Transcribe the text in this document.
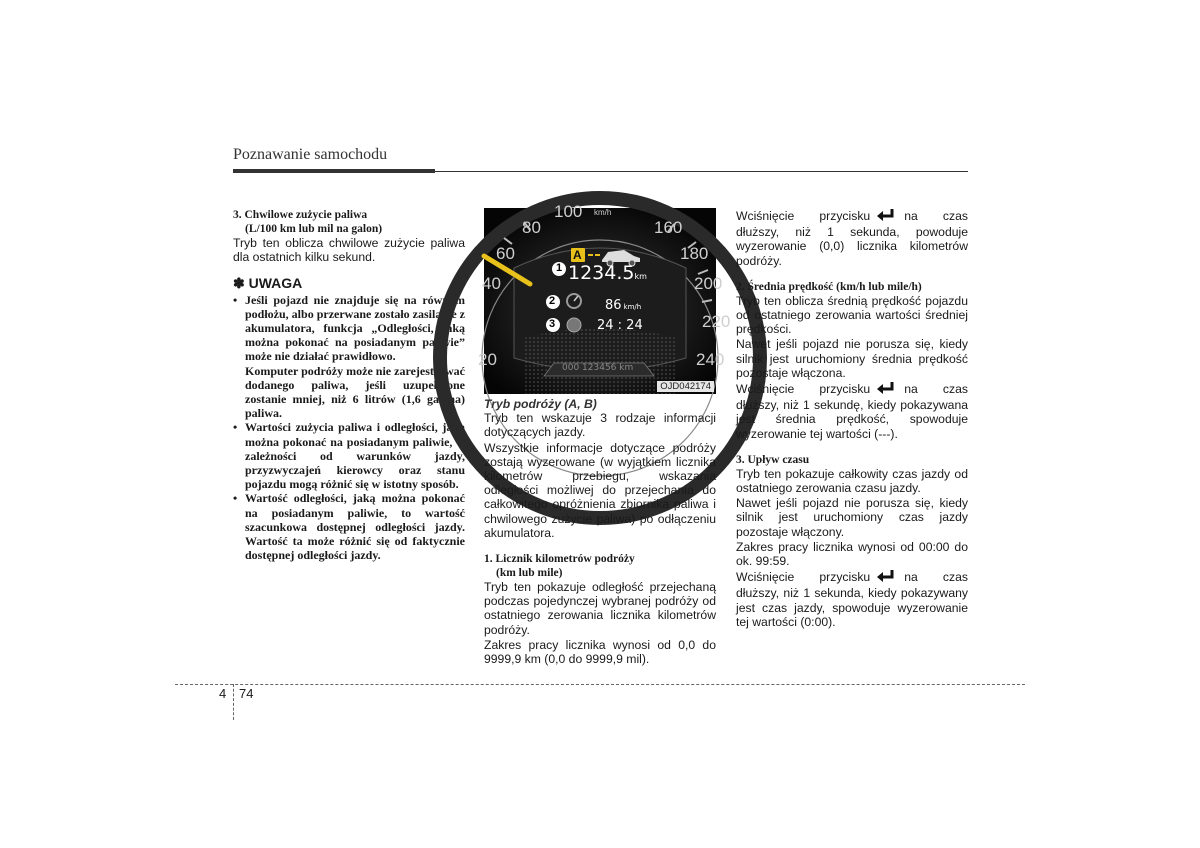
Poznawanie samochodu
3. Chwilowe zużycie paliwa
(L/100 km lub mil na galon)

Tryb ten oblicza chwilowe zużycie paliwa dla ostatnich kilku sekund.

✽ UWAGA
• Jeśli pojazd nie znajduje się na równym podłożu, albo przerwane zostało zasilanie z akumulatora, funkcja „Odległości, jaką można pokonać na posiadanym paliwie” może nie działać prawidłowo.
Komputer podróży może nie zarejestrować dodanego paliwa, jeśli uzupełnione zostanie mniej, niż 6 litrów (1,6 galona) paliwa.
• Wartości zużycia paliwa i odległości, jaką można pokonać na posiadanym paliwie, w zależności od warunków jazdy, przyzwyczajeń kierowcy oraz stanu pojazdu mogą różnić się w istotny sposób.
• Wartość odległości, jaką można pokonać na posiadanym paliwie, to wartość szacunkowa dostępnej odległości jazdy. Wartość ta może różnić się od faktycznie dostępnej odległości jazdy.
100
80
60
40
20
km/h
160
180
200
220
240
A
1
2
3
1234.5km
86 km/h
24 : 24
000 123456 km
OJD042174
Tryb podróży (A, B)

Tryb ten wskazuje 3 rodzaje informacji dotyczących jazdy.

Wszystkie informacje dotyczące podróży zostają wyzerowane (w wyjątkiem licznika kilometrów przebiegu, wskazania odległości możliwej do przejechania do całkowitego opróżnienia zbiornika paliwa i chwilowego zużycie paliwa) po odłączeniu akumulatora.

1. Licznik kilometrów podróży
(km lub mile)

Tryb ten pokazuje odległość przejechaną podczas pojedynczej wybranej podróży od ostatniego zerowania licznika kilometrów podróży.

Zakres pracy licznika wynosi od 0,0 do 9999,9 km (0,0 do 9999,9 mil).

Wciśnięcie przycisku	na czas dłuższy, niż 1 sekunda, powoduje wyzerowanie (0,0) licznika kilometrów podróży.

2. Średnia prędkość (km/h lub mile/h)

Tryb ten oblicza średnią prędkość pojazdu od ostatniego zerowania wartości średniej prędkości.

Nawet jeśli pojazd nie porusza się, kiedy silnik jest uruchomiony średnia prędkość pozostaje włączona.

Wciśnięcie przycisku	na czas dłuższy, niż 1 sekundę, kiedy pokazywana jest średnia prędkość, spowoduje wyzerowanie tej wartości (---).

3. Upływ czasu

Tryb ten pokazuje całkowity czas jazdy od ostatniego zerowania czasu jazdy.

Nawet jeśli pojazd nie porusza się, kiedy silnik jest uruchomiony czas jazdy pozostaje włączony.

Zakres pracy licznika wynosi od 00:00 do ok. 99:59.

Wciśnięcie przycisku	na czas dłuższy, niż 1 sekunda, kiedy pokazywany jest czas jazdy, spowoduje wyzerowanie tej wartości (0:00).

4 74
